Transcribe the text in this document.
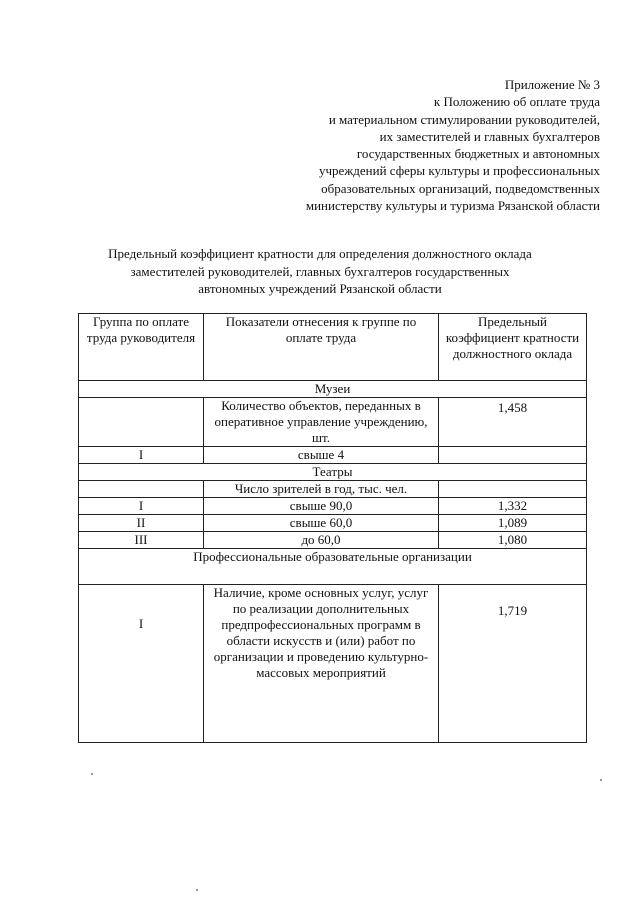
Приложение № 3
к Положению об оплате труда
и материальном стимулировании руководителей,
их заместителей и главных бухгалтеров
государственных бюджетных и автономных
учреждений сферы культуры и профессиональных
образовательных организаций, подведомственных
министерству культуры и туризма Рязанской области
Предельный коэффициент кратности для определения должностного оклада
заместителей руководителей, главных бухгалтеров государственных
автономных учреждений Рязанской области
Группа по оплате труда руководителя	Показатели отнесения к группе по оплате труда	Предельный коэффициент кратности должностного оклада
Музеи		
	Количество объектов, переданных в оперативное управление учреждению, шт.	1,458
I	свыше 4	
Театры		
	Число зрителей в год, тыс. чел.	
I	свыше 90,0	1,332
II	свыше 60,0	1,089
III	до 60,0	1,080
Профессиональные образовательные организации		
I	Наличие, кроме основных услуг, услуг по реализации дополнительных предпрофессиональных программ в области искусств и (или) работ по организации и проведению культурно-массовых мероприятий	1,719
